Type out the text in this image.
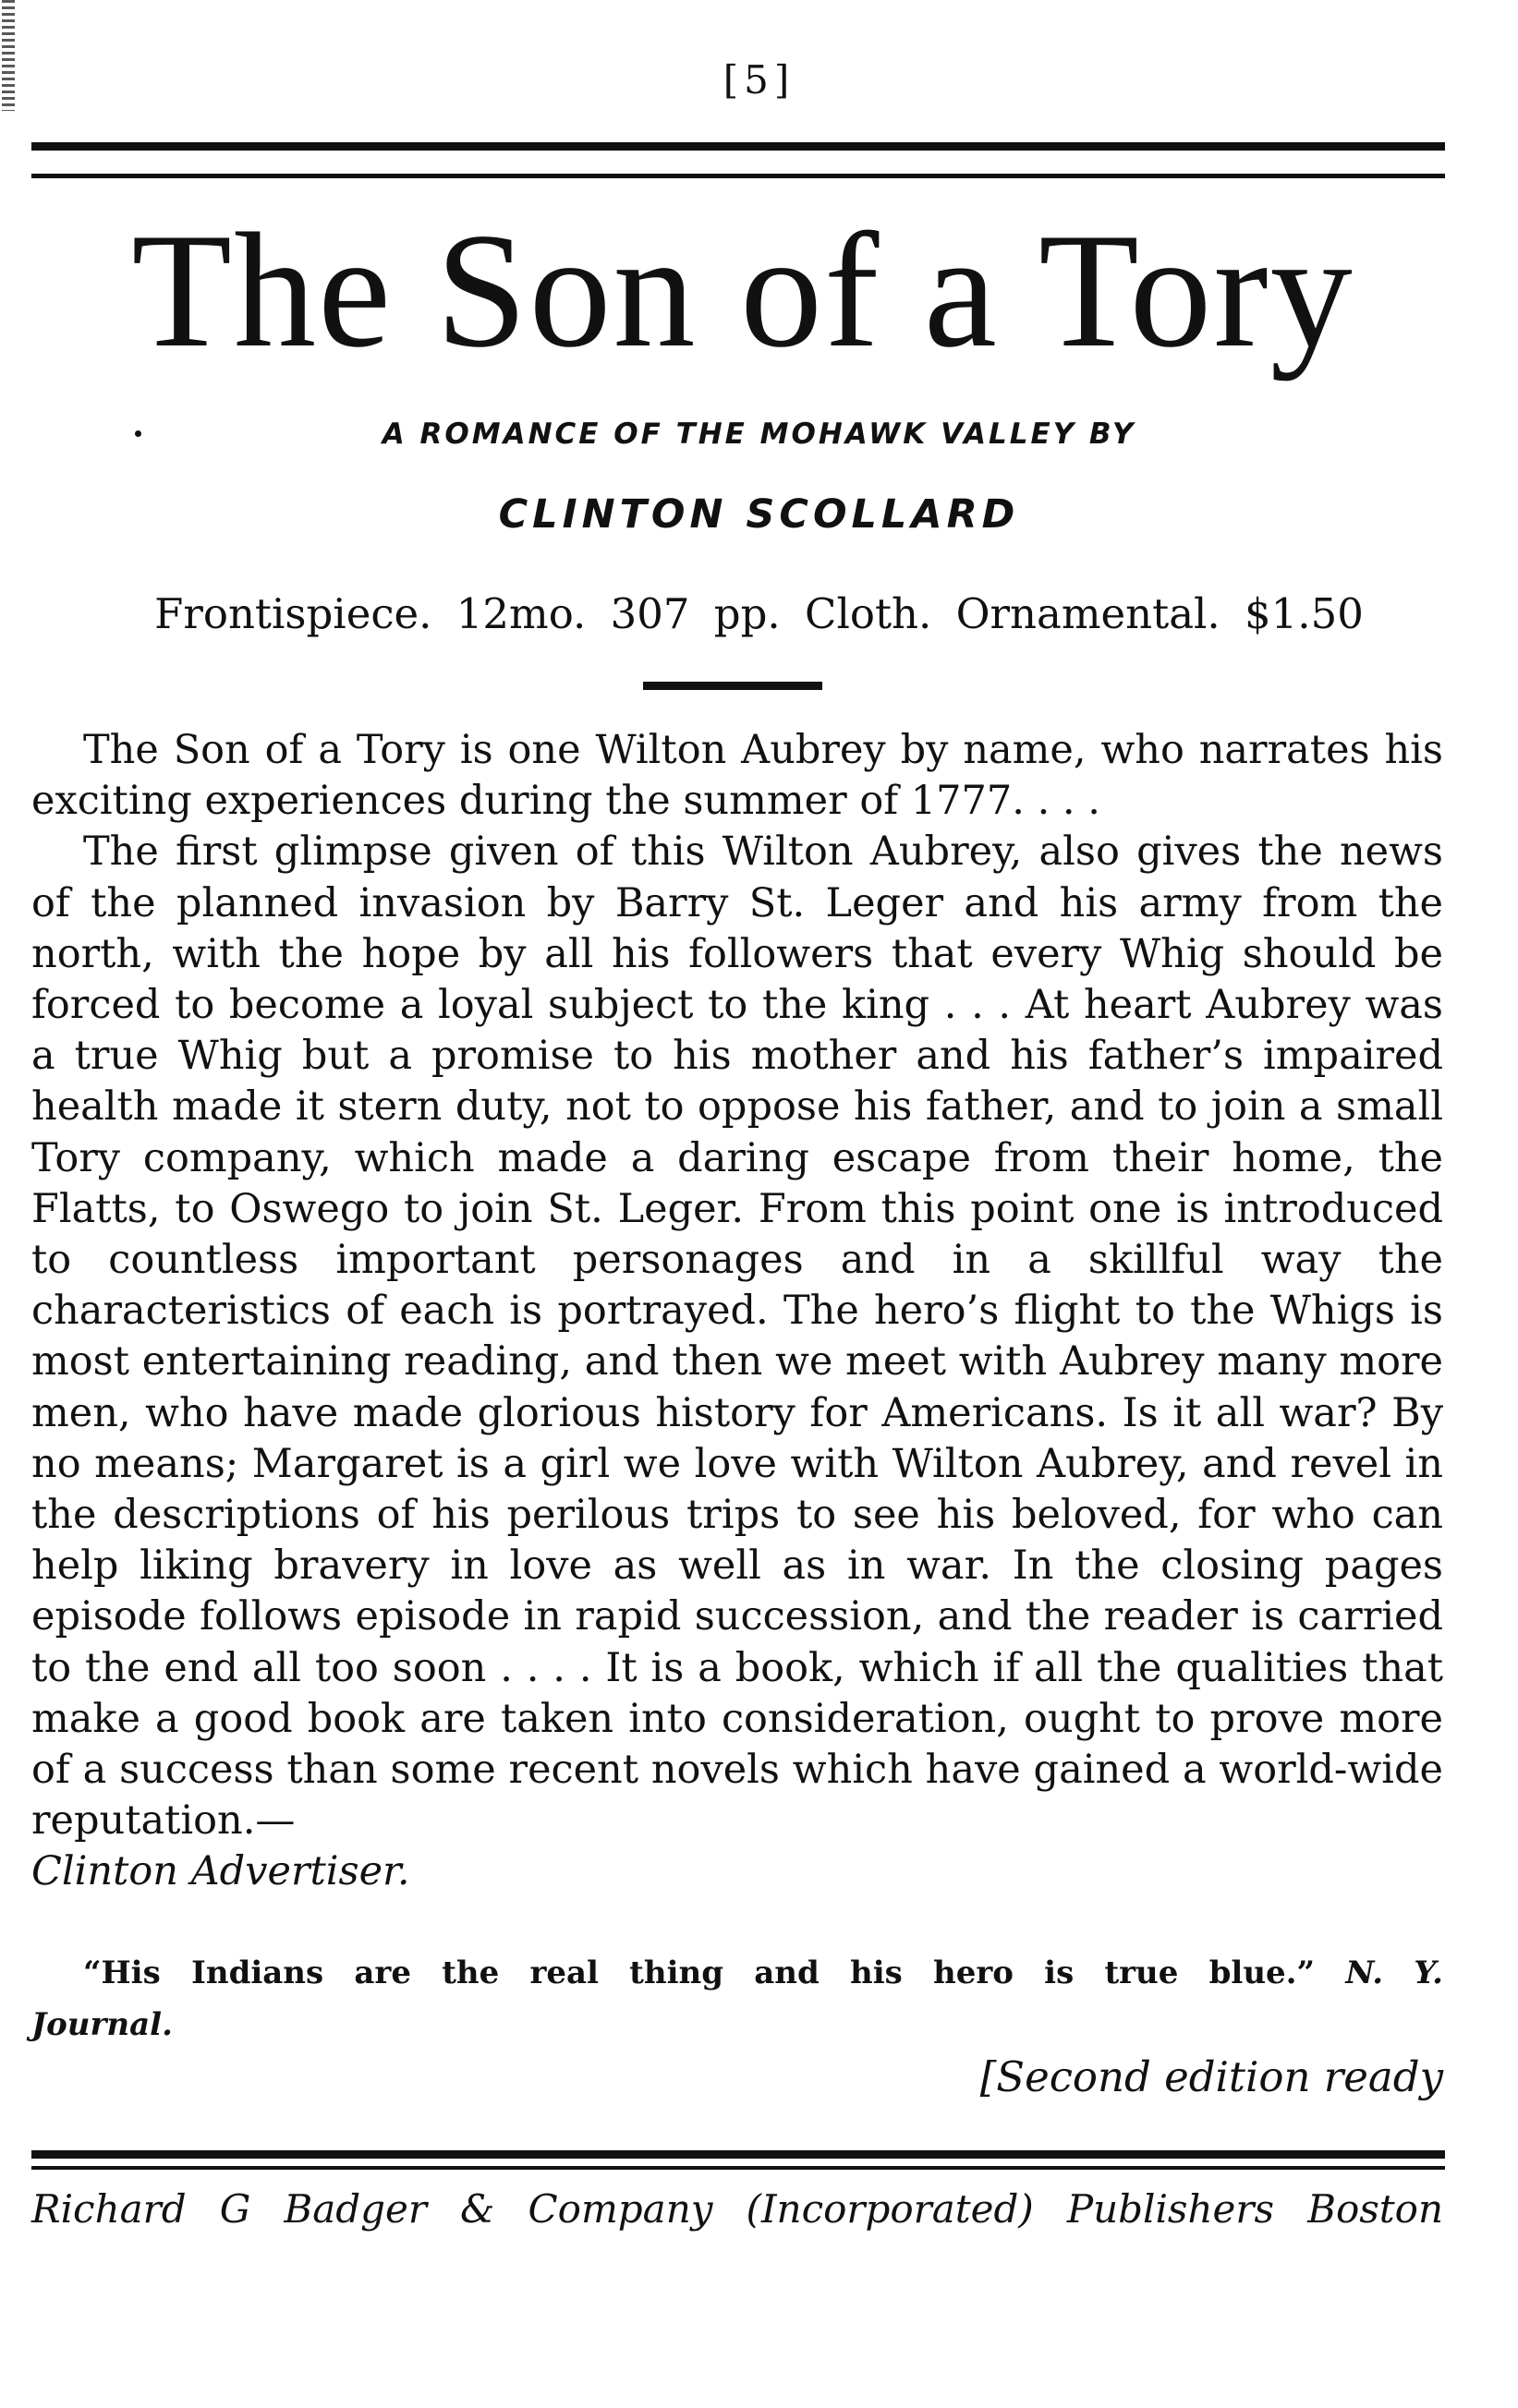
[5]
The Son of a Tory
A ROMANCE OF THE MOHAWK VALLEY BY
CLINTON SCOLLARD
Frontispiece. 12mo. 307 pp. Cloth. Ornamental. $1.50

The Son of a Tory is one Wilton Aubrey by name, who narrates his exciting experiences during the summer of 1777. . . .

The first glimpse given of this Wilton Aubrey, also gives the news of the planned invasion by Barry St. Leger and his army from the north, with the hope by all his followers that every Whig should be forced to become a loyal subject to the king . . . At heart Aubrey was a true Whig but a promise to his mother and his father’s impaired health made it stern duty, not to oppose his father, and to join a small Tory company, which made a daring escape from their home, the Flatts, to Oswego to join St. Leger. From this point one is introduced to countless important personages and in a skillful way the characteristics of each is portrayed. The hero’s flight to the Whigs is most entertaining reading, and then we meet with Aubrey many more men, who have made glorious history for Americans. Is it all war? By no means; Margaret is a girl we love with Wilton Aubrey, and revel in the descriptions of his perilous trips to see his beloved, for who can help liking bravery in love as well as in war. In the closing pages episode follows episode in rapid succession, and the reader is carried to the end all too soon . . . . It is a book, which if all the qualities that make a good book are taken into consideration, ought to prove more of a success than some recent novels which have gained a world-wide reputation.—

Clinton Advertiser.
“His Indians are the real thing and his hero is true blue.” N. Y.
Journal.
[Second edition ready
Richard G Badger & Company (Incorporated) Publishers Boston
